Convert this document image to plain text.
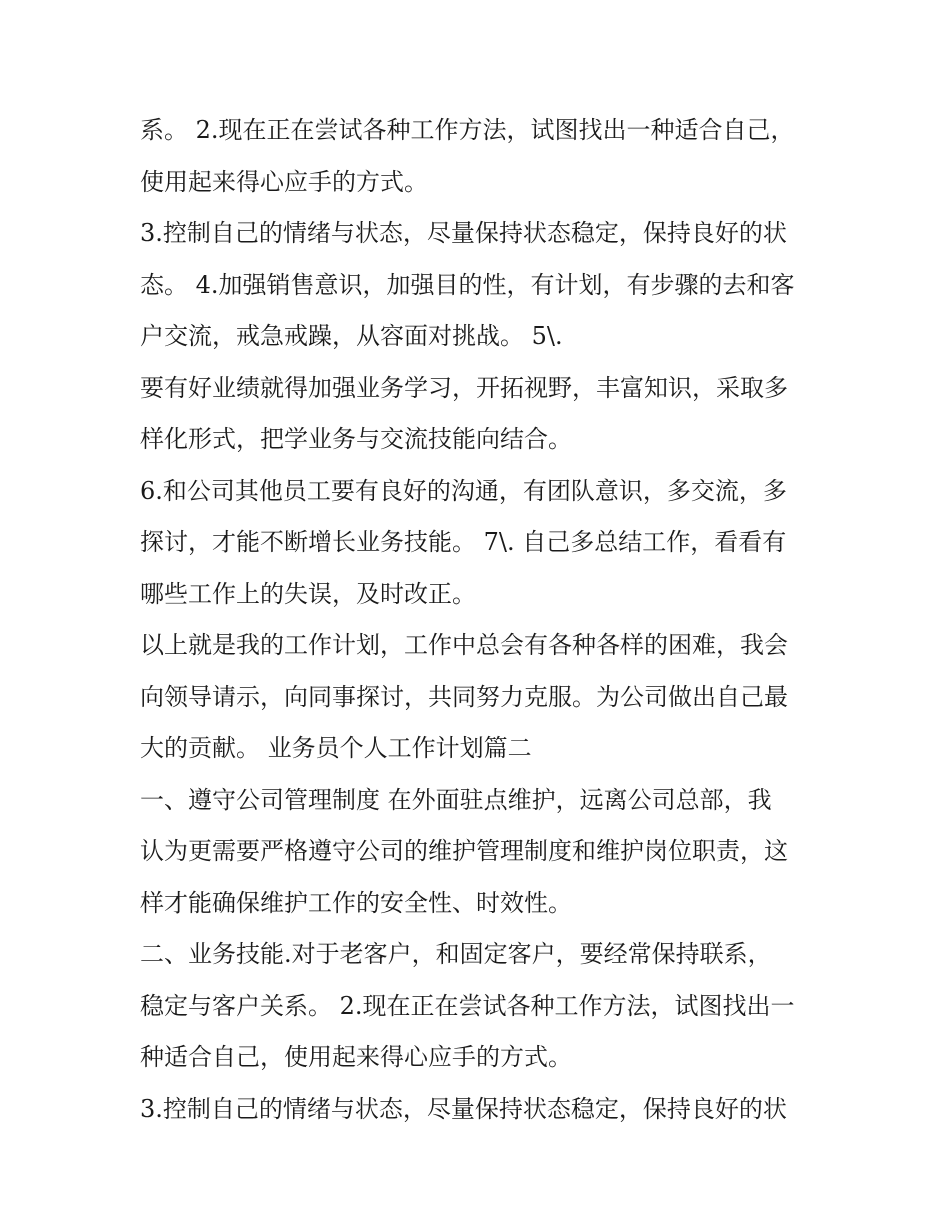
系。 2.现在正在尝试各种工作方法，试图找出一种适合自己，
使用起来得心应手的方式。
3.控制自己的情绪与状态，尽量保持状态稳定，保持良好的状
态。 4.加强销售意识，加强目的性，有计划，有步骤的去和客
户交流，戒急戒躁，从容面对挑战。 5\.
要有好业绩就得加强业务学习，开拓视野，丰富知识，采取多
样化形式，把学业务与交流技能向结合。
6.和公司其他员工要有良好的沟通，有团队意识，多交流，多
探讨，才能不断增长业务技能。 7\. 自己多总结工作，看看有
哪些工作上的失误，及时改正。
以上就是我的工作计划，工作中总会有各种各样的困难，我会
向领导请示，向同事探讨，共同努力克服。为公司做出自己最
大的贡献。 业务员个人工作计划篇二
一、遵守公司管理制度 在外面驻点维护，远离公司总部，我
认为更需要严格遵守公司的维护管理制度和维护岗位职责，这
样才能确保维护工作的安全性、时效性。
二、业务技能.对于老客户，和固定客户，要经常保持联系，
稳定与客户关系。 2.现在正在尝试各种工作方法，试图找出一
种适合自己，使用起来得心应手的方式。
3.控制自己的情绪与状态，尽量保持状态稳定，保持良好的状
